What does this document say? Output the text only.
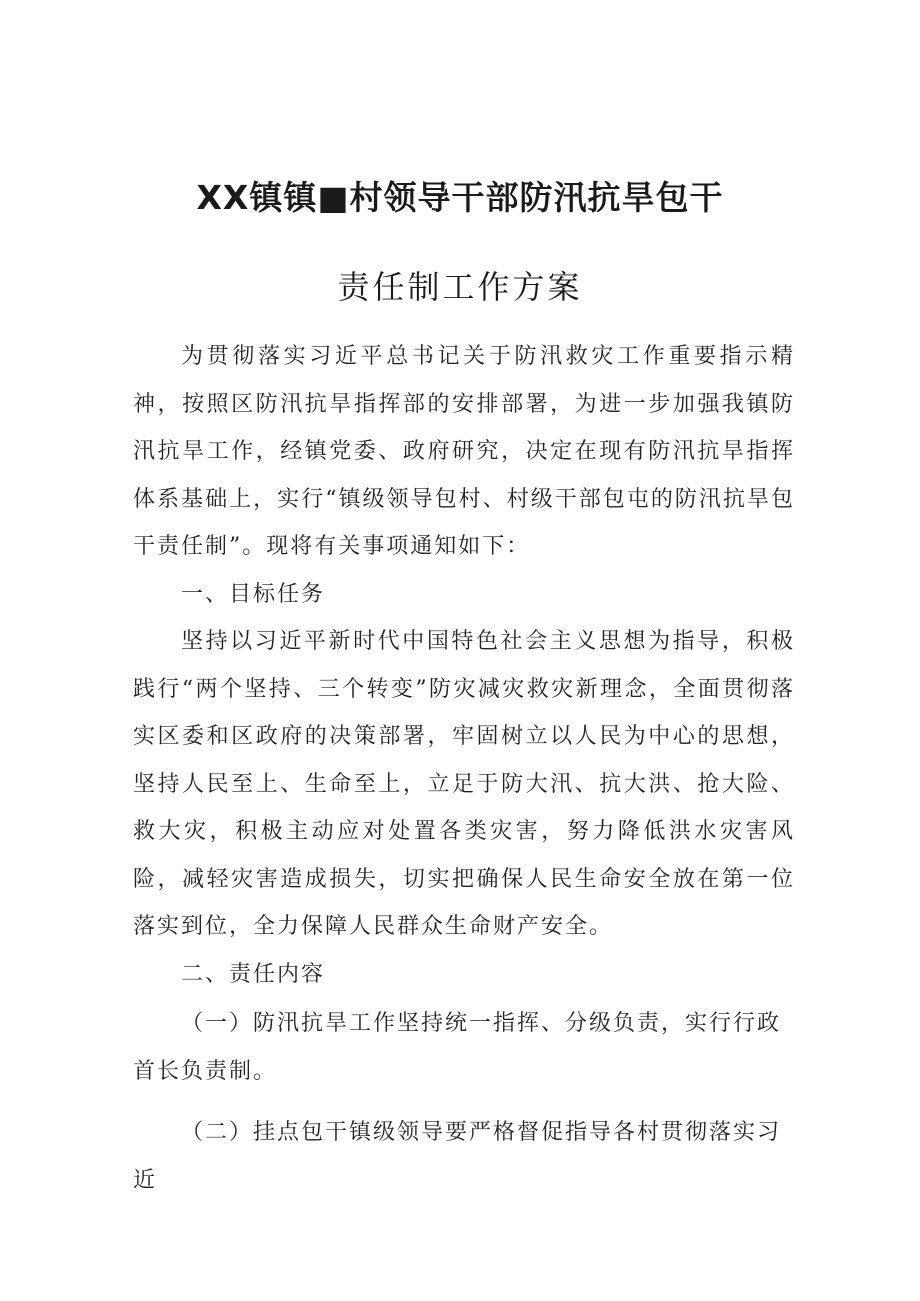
XX镇镇■村领导干部防汛抗旱包干
责任制工作方案

为贯彻落实习近平总书记关于防汛救灾工作重要指示精神，按照区防汛抗旱指挥部的安排部署，为进一步加强我镇防汛抗旱工作，经镇党委、政府研究，决定在现有防汛抗旱指挥体系基础上，实行“镇级领导包村、村级干部包屯的防汛抗旱包干责任制”。现将有关事项通知如下：

一、目标任务

坚持以习近平新时代中国特色社会主义思想为指导，积极践行“两个坚持、三个转变”防灾减灾救灾新理念，全面贯彻落实区委和区政府的决策部署，牢固树立以人民为中心的思想，坚持人民至上、生命至上，立足于防大汛、抗大洪、抢大险、救大灾，积极主动应对处置各类灾害，努力降低洪水灾害风险，减轻灾害造成损失，切实把确保人民生命安全放在第一位落实到位，全力保障人民群众生命财产安全。

二、责任内容

（一）防汛抗旱工作坚持统一指挥、分级负责，实行行政首长负责制。

（二）挂点包干镇级领导要严格督促指导各村贯彻落实习近
